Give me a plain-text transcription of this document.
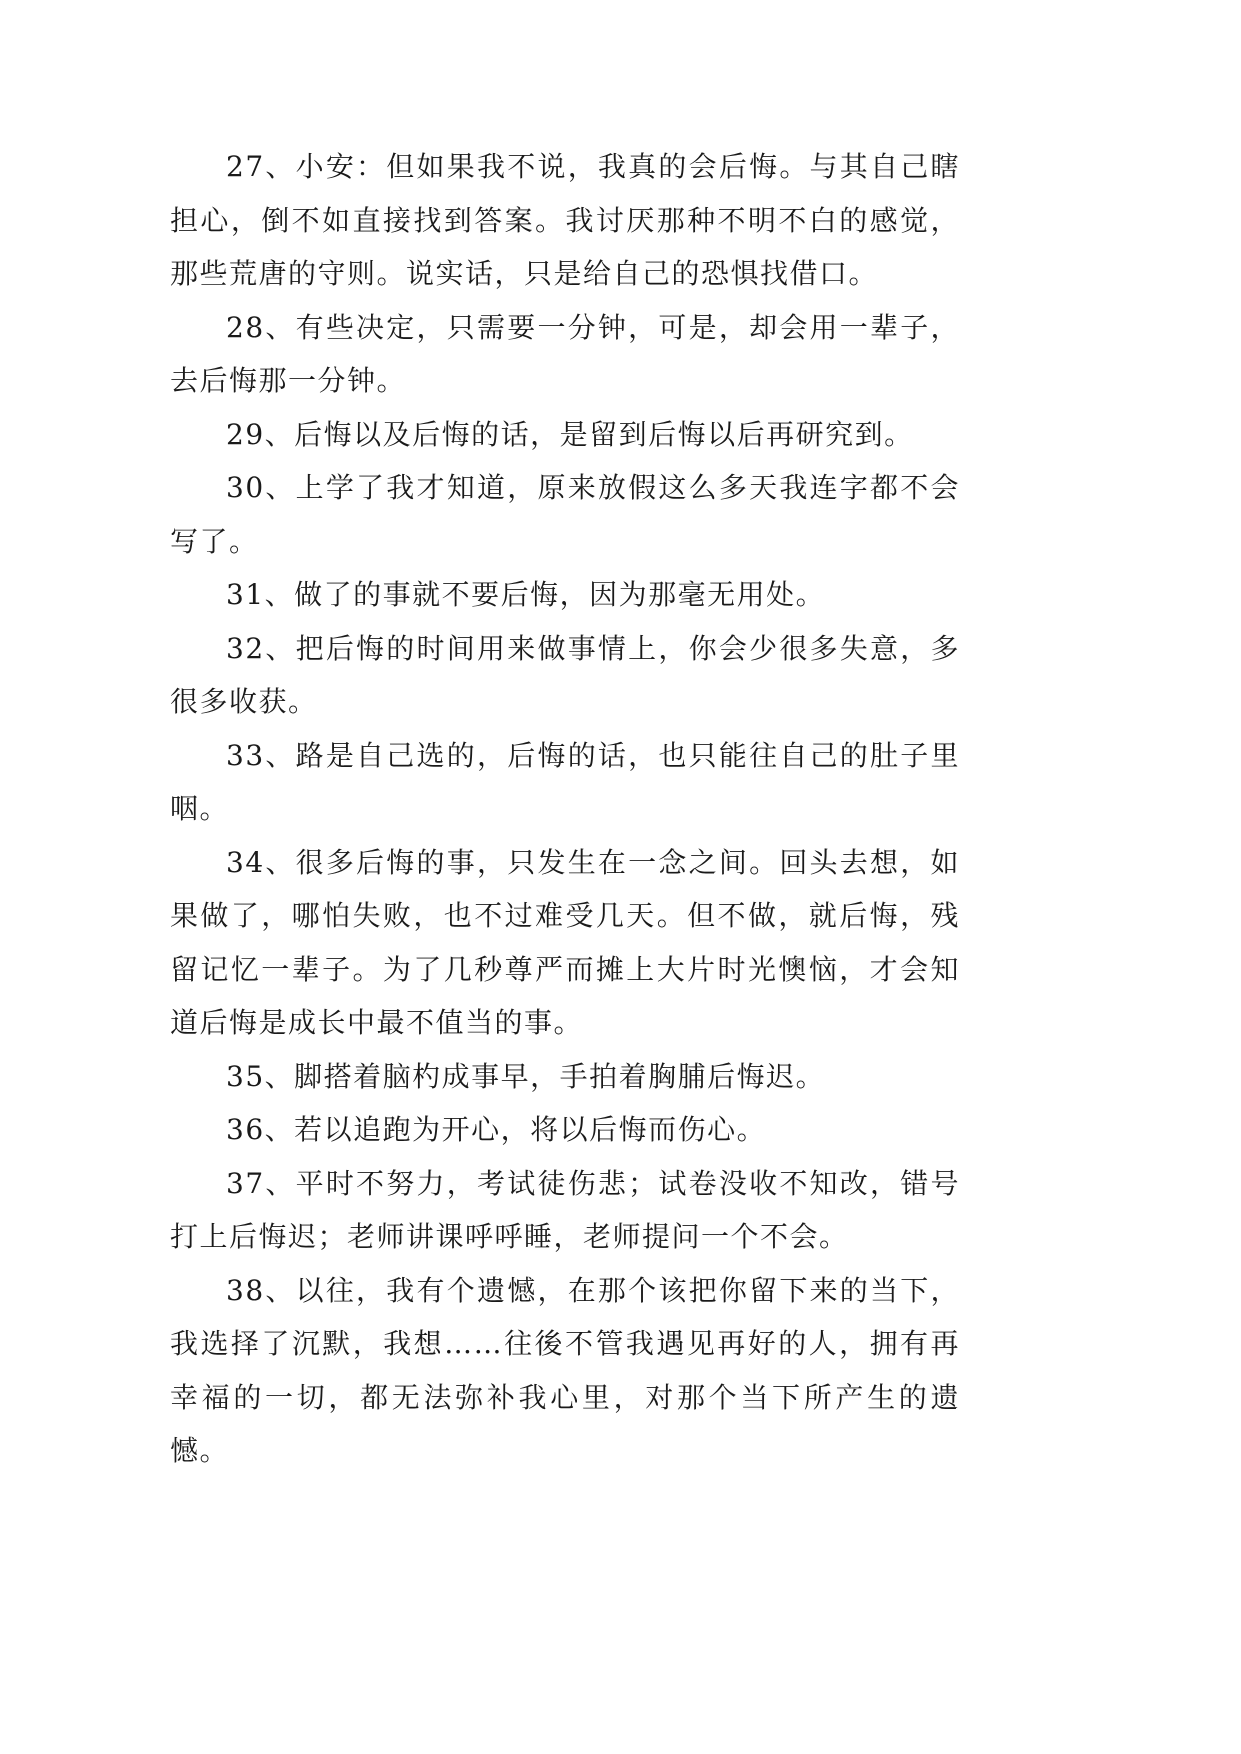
27、小安：但如果我不说，我真的会后悔。与其自己瞎担心，倒不如直接找到答案。我讨厌那种不明不白的感觉，那些荒唐的守则。说实话，只是给自己的恐惧找借口。

28、有些决定，只需要一分钟，可是，却会用一辈子，去后悔那一分钟。

29、后悔以及后悔的话，是留到后悔以后再研究到。

30、上学了我才知道，原来放假这么多天我连字都不会写了。

31、做了的事就不要后悔，因为那毫无用处。

32、把后悔的时间用来做事情上，你会少很多失意，多很多收获。

33、路是自己选的，后悔的话，也只能往自己的肚子里咽。

34、很多后悔的事，只发生在一念之间。回头去想，如果做了，哪怕失败，也不过难受几天。但不做，就后悔，残留记忆一辈子。为了几秒尊严而摊上大片时光懊恼，才会知道后悔是成长中最不值当的事。

35、脚搭着脑杓成事早，手拍着胸脯后悔迟。

36、若以追跑为开心，将以后悔而伤心。

37、平时不努力，考试徒伤悲；试卷没收不知改，错号打上后悔迟；老师讲课呼呼睡，老师提问一个不会。

38、以往，我有个遗憾，在那个该把你留下来的当下，我选择了沉默，我想……往後不管我遇见再好的人，拥有再幸福的一切，都无法弥补我心里，对那个当下所产生的遗憾。
